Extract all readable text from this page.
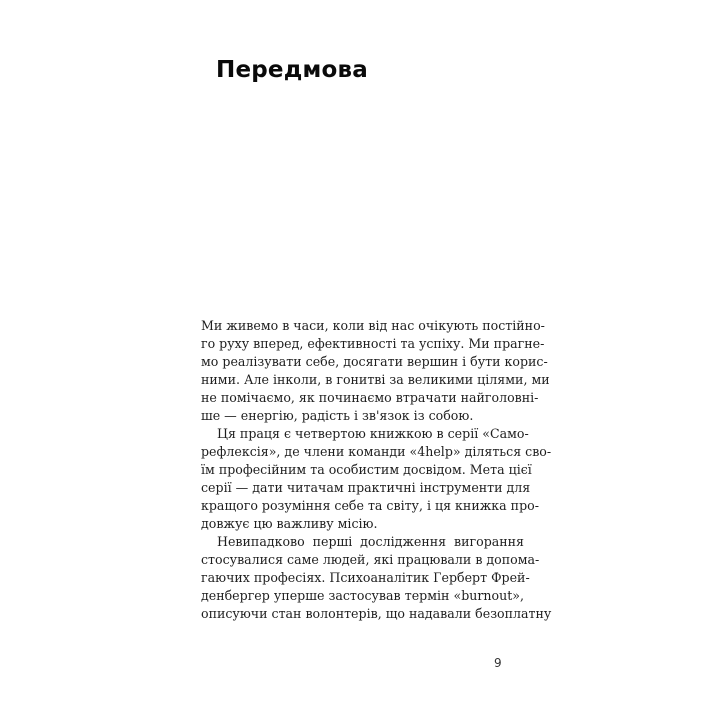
Передмова
Ми живемо в часи, коли від нас очікують постійно-
го руху вперед, ефективності та успіху. Ми прагне-
мо реалізувати себе, досягати вершин і бути корис-
ними. Але інколи, в гонитві за великими цілями, ми
не помічаємо, як починаємо втрачати найголовні-
ше — енергію, радість і зв'язок із собою.
Ця праця є четвертою книжкою в серії «Само-
рефлексія», де члени команди «4help» діляться сво-
їм професійним та особистим досвідом. Мета цієї
серії — дати читачам практичні інструменти для
кращого розуміння себе та світу, і ця книжка про-
довжує цю важливу місію.
Невипадково перші дослідження вигорання
стосувалися саме людей, які працювали в допома-
гаючих професіях. Психоаналітик Герберт Фрей-
денбергер уперше застосував термін «burnout»,
описуючи стан волонтерів, що надавали безоплатну
9
